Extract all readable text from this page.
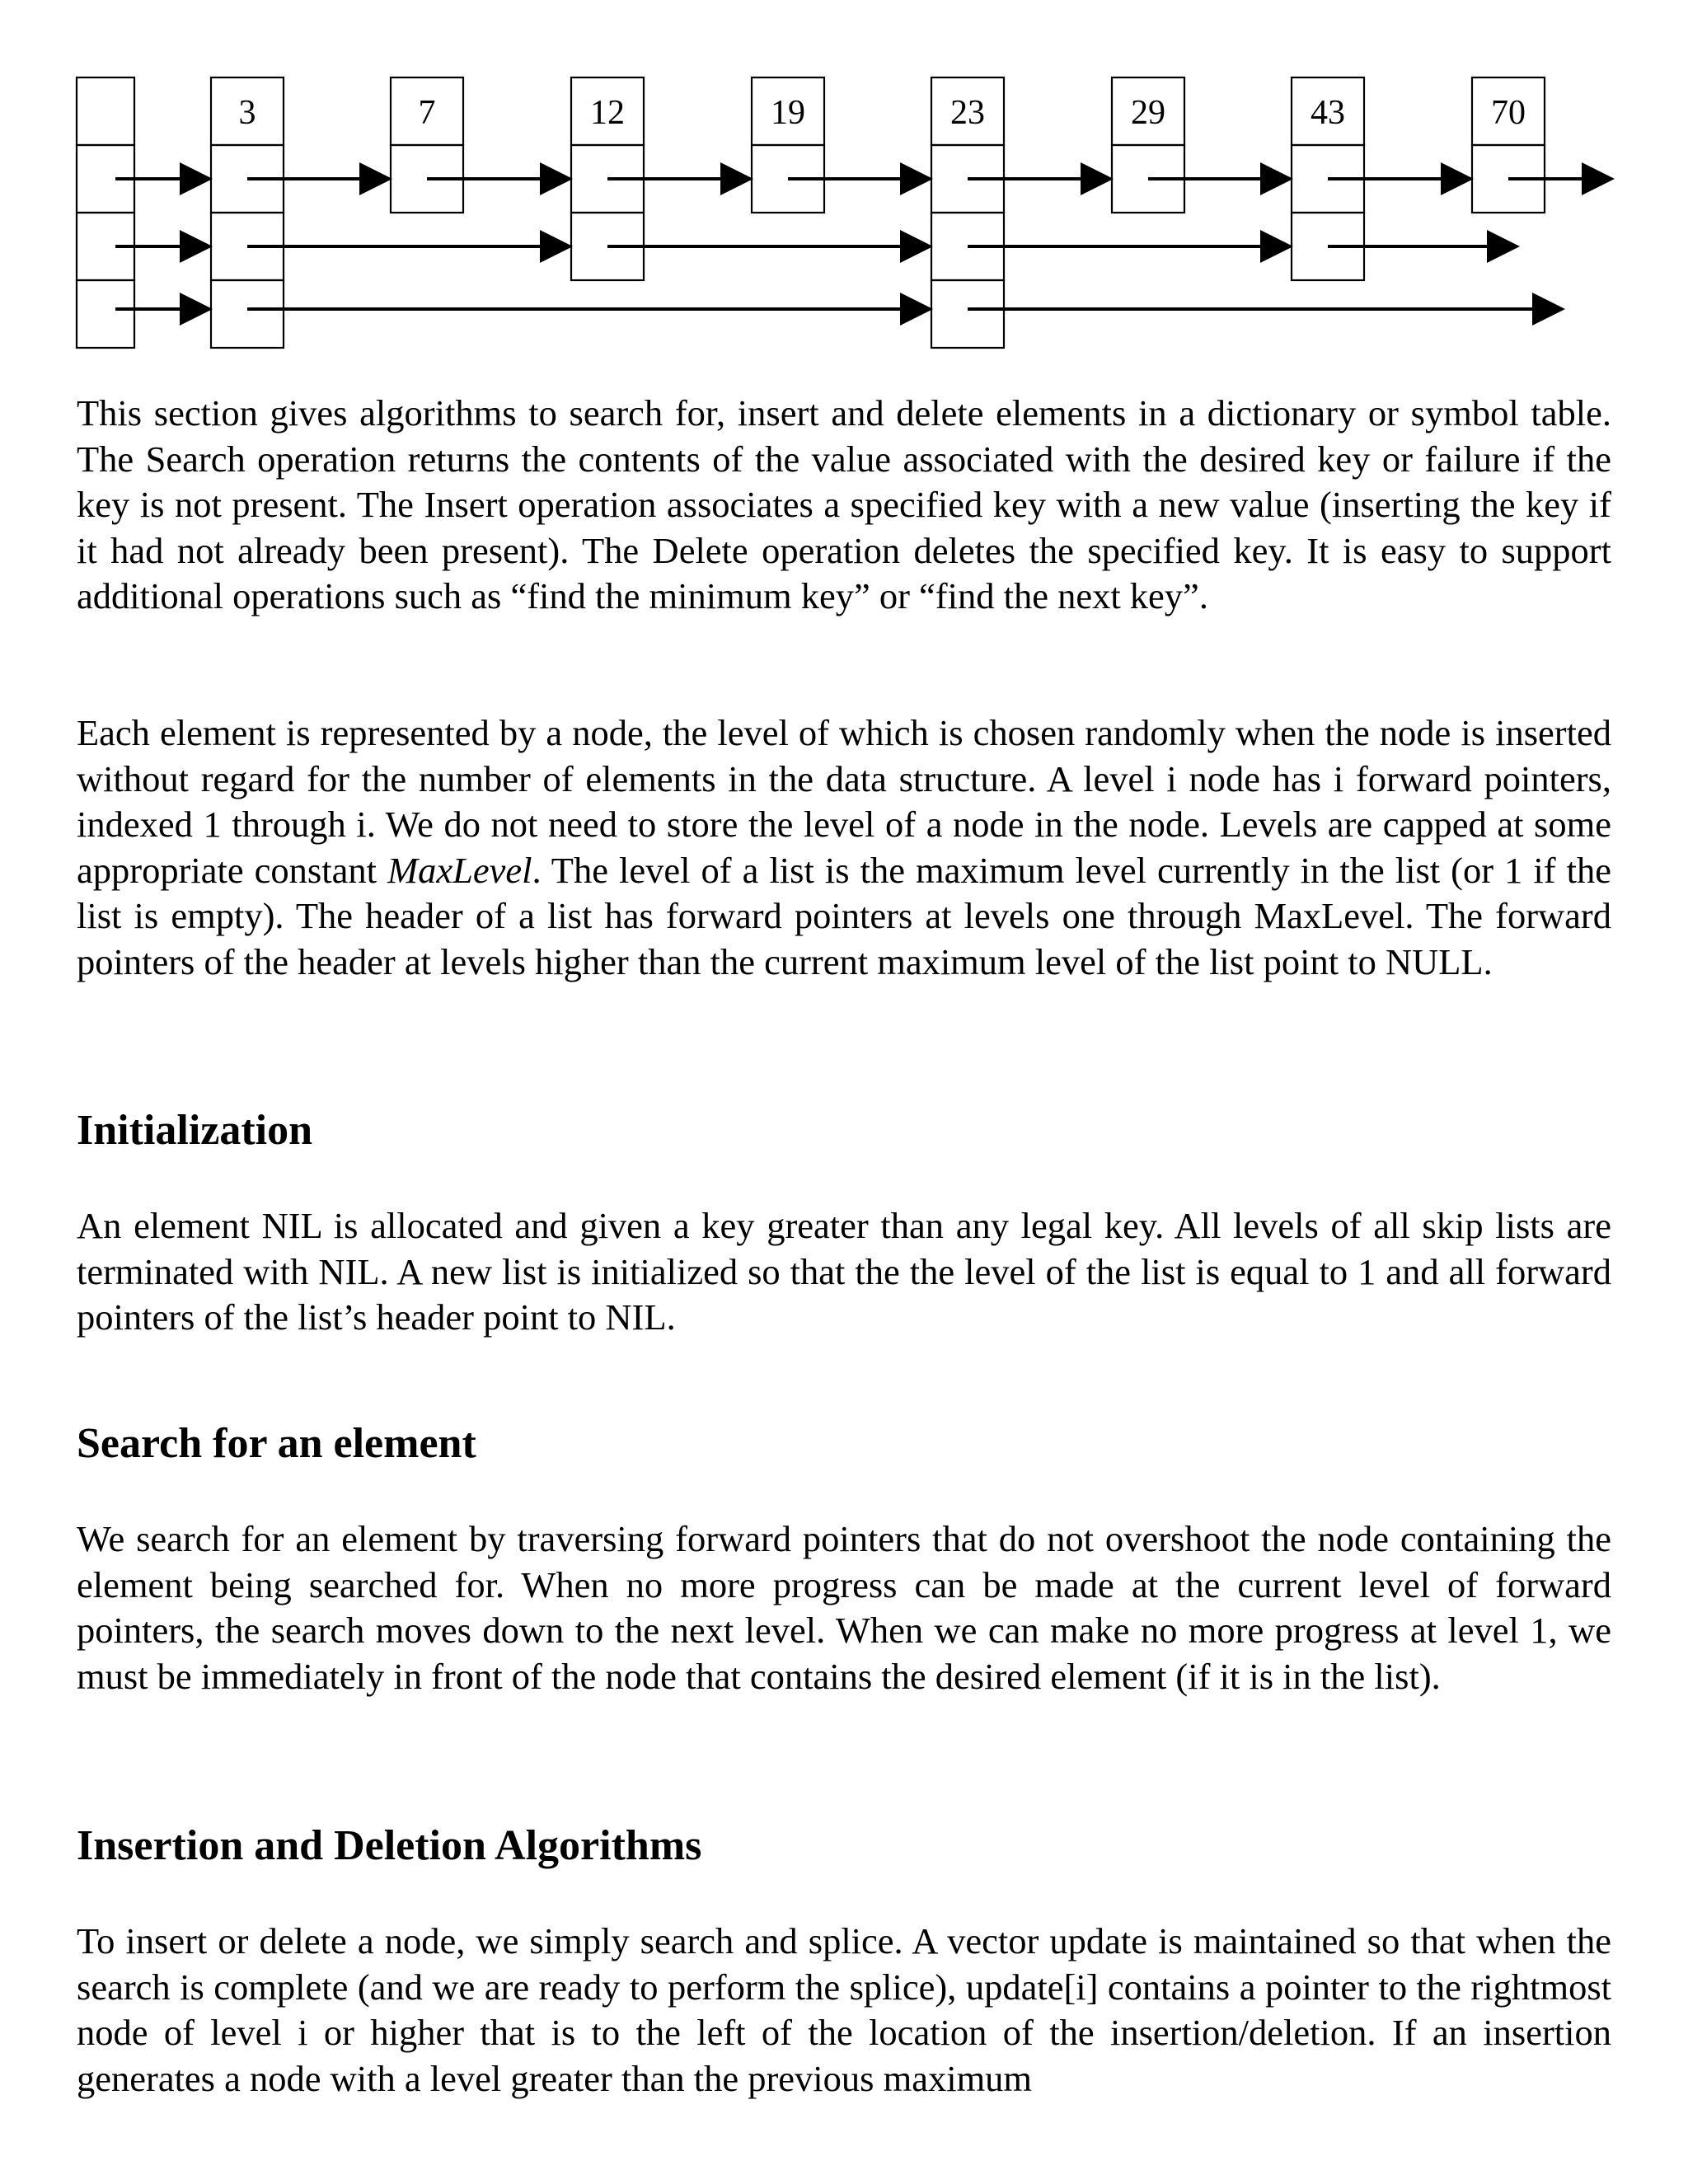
3	7	12	19	23	29	43	70

This section gives algorithms to search for, insert and delete elements in a dictionary or symbol table. The Search operation returns the contents of the value associated with the desired key or failure if the key is not present. The Insert operation associates a specified key with a new value (inserting the key if it had not already been present). The Delete operation deletes the specified key. It is easy to support additional operations such as “find the minimum key” or “find the next key”.

Each element is represented by a node, the level of which is chosen randomly when the node is inserted without regard for the number of elements in the data structure. A level i node has i forward pointers, indexed 1 through i. We do not need to store the level of a node in the node. Levels are capped at some appropriate constant MaxLevel. The level of a list is the maximum level currently in the list (or 1 if the list is empty). The header of a list has forward pointers at levels one through MaxLevel. The forward pointers of the header at levels higher than the current maximum level of the list point to NULL.

Initialization

An element NIL is allocated and given a key greater than any legal key. All levels of all skip lists are terminated with NIL. A new list is initialized so that the the level of the list is equal to 1 and all forward pointers of the list’s header point to NIL.

Search for an element

We search for an element by traversing forward pointers that do not overshoot the node containing the element being searched for. When no more progress can be made at the current level of forward pointers, the search moves down to the next level. When we can make no more progress at level 1, we must be immediately in front of the node that contains the desired element (if it is in the list).

Insertion and Deletion Algorithms

To insert or delete a node, we simply search and splice. A vector update is maintained so that when the search is complete (and we are ready to perform the splice), update[i] contains a pointer to the rightmost node of level i or higher that is to the left of the location of the insertion/deletion. If an insertion generates a node with a level greater than the previous maximum
